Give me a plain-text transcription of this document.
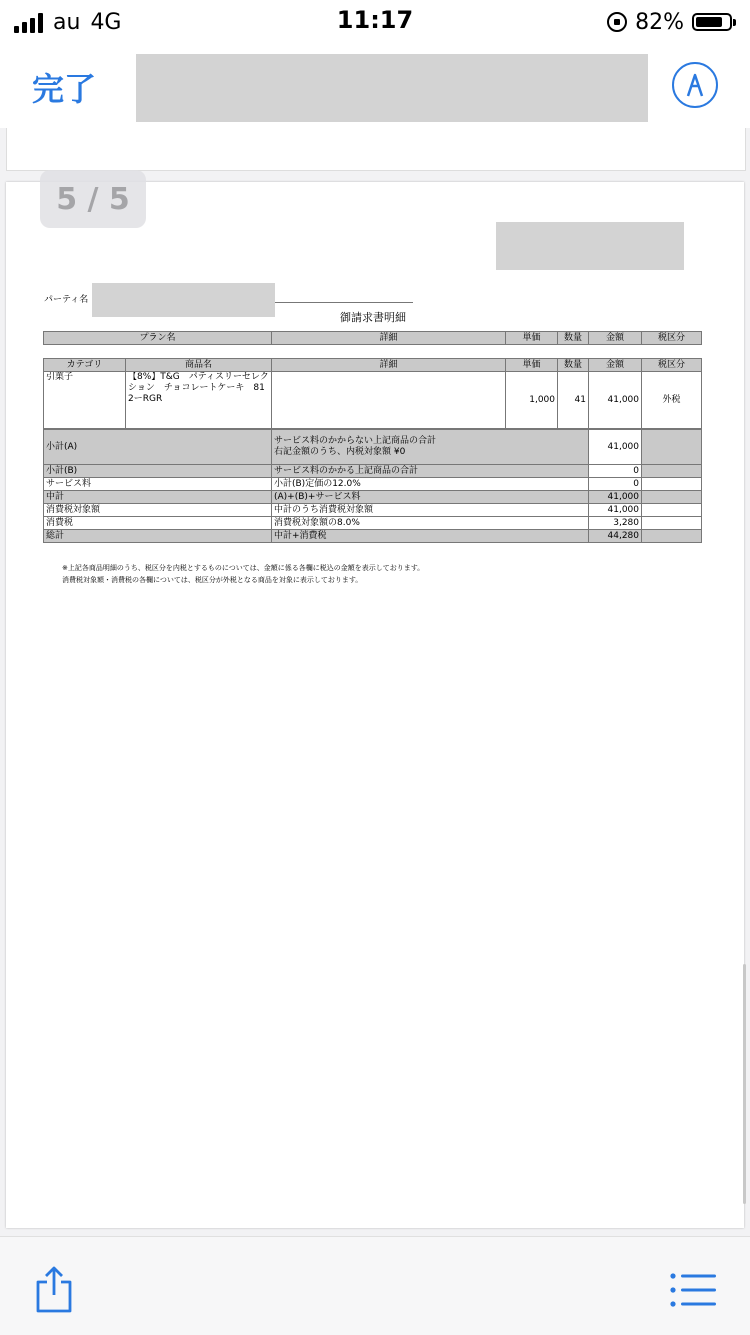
au 4G	11:17	82%
完了
5 / 5
パーティ名
御請求書明細
プラン名	詳細	単価	数量	金額	税区分
カテゴリ	商品名	詳細	単価	数量	金額	税区分
引菓子	【8%】T&G　パティスリーセレクション　チョコレートケーキ　812ーRGR		1,000	41	41,000	外税
小計(A)	サービス料のかからない上記商品の合計
右記金額のうち、内税対象額 ¥0	41,000	
小計(B)	サービス料のかかる上記商品の合計	0	
サービス料	小計(B)定価の12.0%	0	
中計	(A)+(B)+サービス料	41,000	
消費税対象額	中計のうち消費税対象額	41,000	
消費税	消費税対象額の8.0%	3,280	
総計	中計+消費税	44,280	
※上記各商品明細のうち、税区分を内税とするものについては、金額に係る各欄に税込の金額を表示しております。
消費税対象額・消費税の各欄については、税区分が外税となる商品を対象に表示しております。
